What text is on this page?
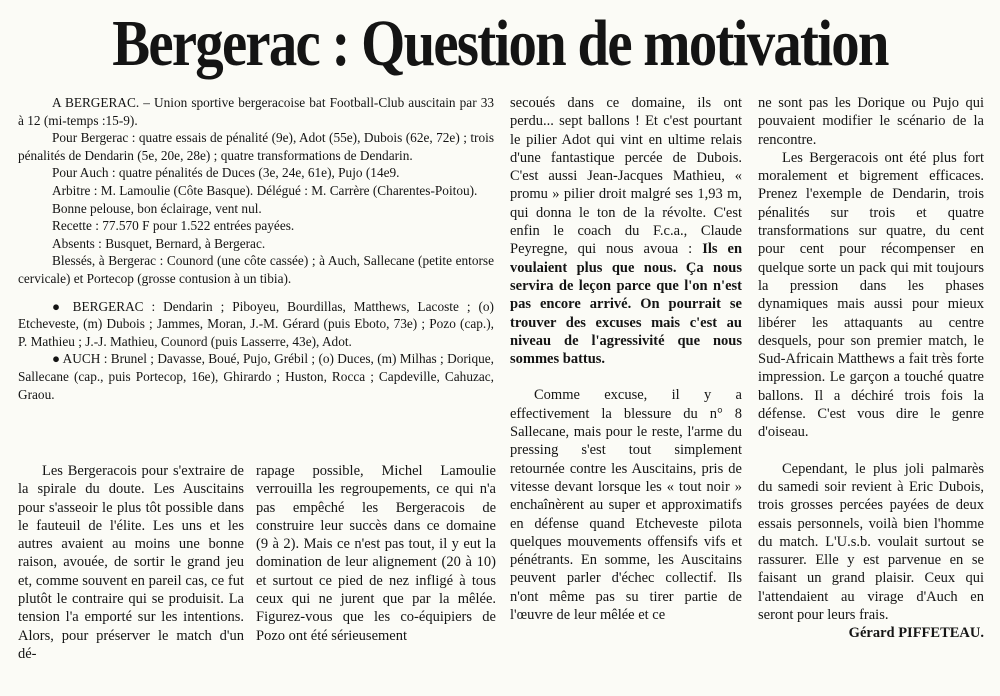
Bergerac : Question de motivation

A BERGERAC. – Union sportive bergeracoise bat Football-Club auscitain par 33 à 12 (mi-temps :15-9).

Pour Bergerac : quatre essais de pénalité (9e), Adot (55e), Dubois (62e, 72e) ; trois pénalités de Dendarin (5e, 20e, 28e) ; quatre transformations de Dendarin.

Pour Auch : quatre pénalités de Duces (3e, 24e, 61e), Pujo (14e9.

Arbitre : M. Lamoulie (Côte Basque). Délégué : M. Carrère (Charentes-Poitou).

Bonne pelouse, bon éclairage, vent nul.

Recette : 77.570 F pour 1.522 entrées payées.

Absents : Busquet, Bernard, à Bergerac.

Blessés, à Bergerac : Counord (une côte cassée) ; à Auch, Sallecane (petite entorse cervicale) et Portecop (grosse contusion à un tibia).

● BERGERAC : Dendarin ; Piboyeu, Bourdillas, Matthews, Lacoste ; (o) Etcheveste, (m) Dubois ; Jammes, Moran, J.-M. Gérard (puis Eboto, 73e) ; Pozo (cap.), P. Mathieu ; J.-J. Mathieu, Counord (puis Lasserre, 43e), Adot.

● AUCH : Brunel ; Davasse, Boué, Pujo, Grébil ; (o) Duces, (m) Milhas ; Dorique, Sallecane (cap., puis Portecop, 16e), Ghirardo ; Huston, Rocca ; Capdeville, Cahuzac, Graou.

Les Bergeracois pour s'extraire de la spirale du doute. Les Auscitains pour s'asseoir le plus tôt possible dans le fauteuil de l'élite. Les uns et les autres avaient au moins une bonne raison, avouée, de sortir le grand jeu et, comme souvent en pareil cas, ce fut plutôt le contraire qui se produisit. La tension l'a emporté sur les intentions. Alors, pour préserver le match d'un dé-

rapage possible, Michel Lamoulie verrouilla les regroupements, ce qui n'a pas empêché les Bergeracois de construire leur succès dans ce domaine (9 à 2). Mais ce n'est pas tout, il y eut la domination de leur alignement (20 à 10) et surtout ce pied de nez infligé à tous ceux qui ne jurent que par la mêlée. Figurez-vous que les co-équipiers de Pozo ont été sérieusement

secoués dans ce domaine, ils ont perdu... sept ballons ! Et c'est pourtant le pilier Adot qui vint en ultime relais d'une fantastique percée de Dubois. C'est aussi Jean-Jacques Mathieu, « promu » pilier droit malgré ses 1,93 m, qui donna le ton de la révolte. C'est enfin le coach du F.c.a., Claude Peyregne, qui nous avoua : Ils en voulaient plus que nous. Ça nous servira de leçon parce que l'on n'est pas encore arrivé. On pourrait se trouver des excuses mais c'est au niveau de l'agressivité que nous sommes battus.

Comme excuse, il y a effectivement la blessure du n° 8 Sallecane, mais pour le reste, l'arme du pressing s'est tout simplement retournée contre les Auscitains, pris de vitesse devant lorsque les « tout noir » enchaînèrent au super et approximatifs en défense quand Etcheveste pilota quelques mouvements offensifs vifs et pénétrants. En somme, les Auscitains peuvent parler d'échec collectif. Ils n'ont même pas su tirer partie de l'œuvre de leur mêlée et ce

ne sont pas les Dorique ou Pujo qui pouvaient modifier le scénario de la rencontre.

Les Bergeracois ont été plus fort moralement et bigrement efficaces. Prenez l'exemple de Dendarin, trois pénalités sur trois et quatre transformations sur quatre, du cent pour cent pour récompenser en quelque sorte un pack qui mit toujours la pression dans les phases dynamiques mais aussi pour mieux libérer les attaquants au centre desquels, pour son premier match, le Sud-Africain Matthews a fait très forte impression. Le garçon a touché quatre ballons. Il a déchiré trois fois la défense. C'est vous dire le genre d'oiseau.

Cependant, le plus joli palmarès du samedi soir revient à Eric Dubois, trois grosses percées payées de deux essais personnels, voilà bien l'homme du match. L'U.s.b. voulait surtout se rassurer. Elle y est parvenue en se faisant un grand plaisir. Ceux qui l'attendaient au virage d'Auch en seront pour leurs frais.

Gérard PIFFETEAU.
